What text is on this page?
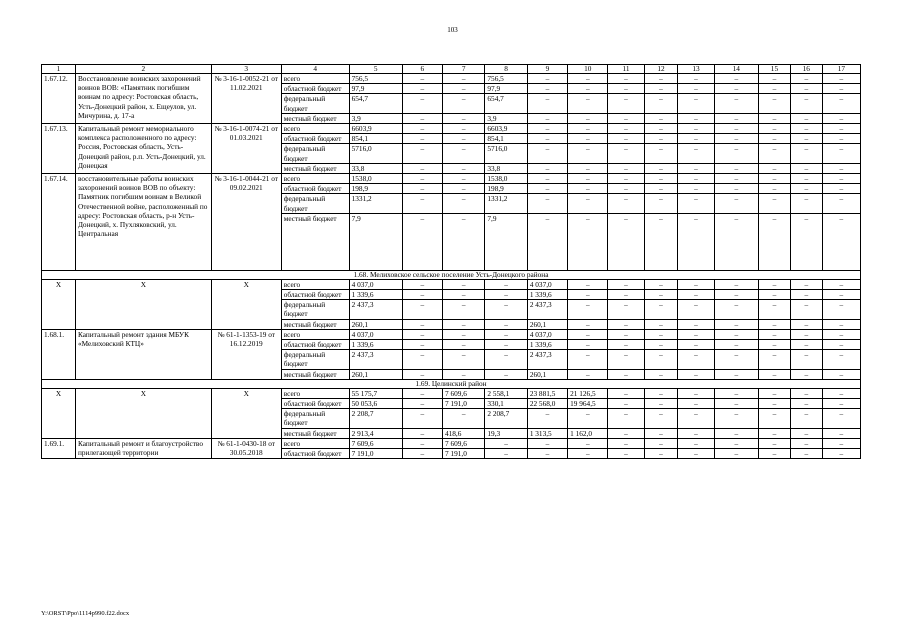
103
1	2	3	4	5	6	7	8	9	10	11	12	13	14	15	16	17
1.67.12.	Восстановление воинских захоронений воинов ВОВ: «Памятник погибшим воинам по адресу: Ростовская область, Усть-Донецкий район, х. Ещеулов, ул. Мичурина, д. 17-а	№ 3-16-1-0052-21 от 11.02.2021	всего	756,5	–	–	756,5	–	–	–	–	–	–	–	–	–
			областной бюджет	97,9	–	–	97,9	–	–	–	–	–	–	–	–	–
			федеральный бюджет	654,7	–	–	654,7	–	–	–	–	–	–	–	–	–
			местный бюджет	3,9	–	–	3,9	–	–	–	–	–	–	–	–	–
1.67.13.	Капитальный ремонт мемориального комплекса расположенного по адресу: Россия, Ростовская область, Усть-Донецкий район, р.п. Усть-Донецкий, ул. Донецкая	№ 3-16-1-0074-21 от 01.03.2021	всего	6603,9	–	–	6603,9	–	–	–	–	–	–	–	–	–
			областной бюджет	854,1	–	–	854,1	–	–	–	–	–	–	–	–	–
			федеральный бюджет	5716,0	–	–	5716,0	–	–	–	–	–	–	–	–	–
			местный бюджет	33,8	–	–	33,8	–	–	–	–	–	–	–	–	–
1.67.14.	восстановительные работы воинских захоронений воинов ВОВ по объекту: Памятник погибшим воинам в Великой Отечественной войне, расположенный по адресу: Ростовская область, р-н Усть-Донецкий, х. Пухляковский, ул. Центральная	№ 3-16-1-0044-21 от 09.02.2021	всего	1538,0	–	–	1538,0	–	–	–	–	–	–	–	–	–
			областной бюджет	198,9	–	–	198,9	–	–	–	–	–	–	–	–	–
			федеральный бюджет	1331,2	–	–	1331,2	–	–	–	–	–	–	–	–	–
			местный бюджет	7,9	–	–	7,9	–	–	–	–	–	–	–	–	–
1.68. Мелиховское сельское поселение Усть-Донецкого района																
Х	Х	Х	всего	4 037,0	–	–	–	4 037,0	–	–	–	–	–	–	–	–
			областной бюджет	1 339,6	–	–	–	1 339,6	–	–	–	–	–	–	–	–
			федеральный бюджет	2 437,3	–	–	–	2 437,3	–	–	–	–	–	–	–	–
			местный бюджет	260,1	–	–	–	260,1	–	–	–	–	–	–	–	–
1.68.1.	Капитальный ремонт здания МБУК «Мелиховский КТЦ»	№ 61-1-1353-19 от 16.12.2019	всего	4 037,0	–	–	–	4 037,0	–	–	–	–	–	–	–	–
			областной бюджет	1 339,6	–	–	–	1 339,6	–	–	–	–	–	–	–	–
			федеральный бюджет	2 437,3	–	–	–	2 437,3	–	–	–	–	–	–	–	–
			местный бюджет	260,1	–	–	–	260,1	–	–	–	–	–	–	–	–
1.69. Целинский район																
Х	Х	Х	всего	55 175,7	–	7 609,6	2 558,1	23 881,5	21 126,5	–	–	–	–	–	–	–
			областной бюджет	50 053,6	–	7 191,0	330,1	22 568,0	19 964,5	–	–	–	–	–	–	–
			федеральный бюджет	2 208,7	–	–	2 208,7	–	–	–	–	–	–	–	–	–
			местный бюджет	2 913,4	–	418,6	19,3	1 313,5	1 162,0	–	–	–	–	–	–	–
1.69.1.	Капитальный ремонт и благоустройство прилегающей территории	№ 61-1-0430-18 от 30.05.2018	всего	7 609,6	–	7 609,6	–	–	–	–	–	–	–	–	–	–
			областной бюджет	7 191,0	–	7 191,0	–	–	–	–	–	–	–	–	–	–
Y:\ORST\Ppo\1114p990.f22.docx
